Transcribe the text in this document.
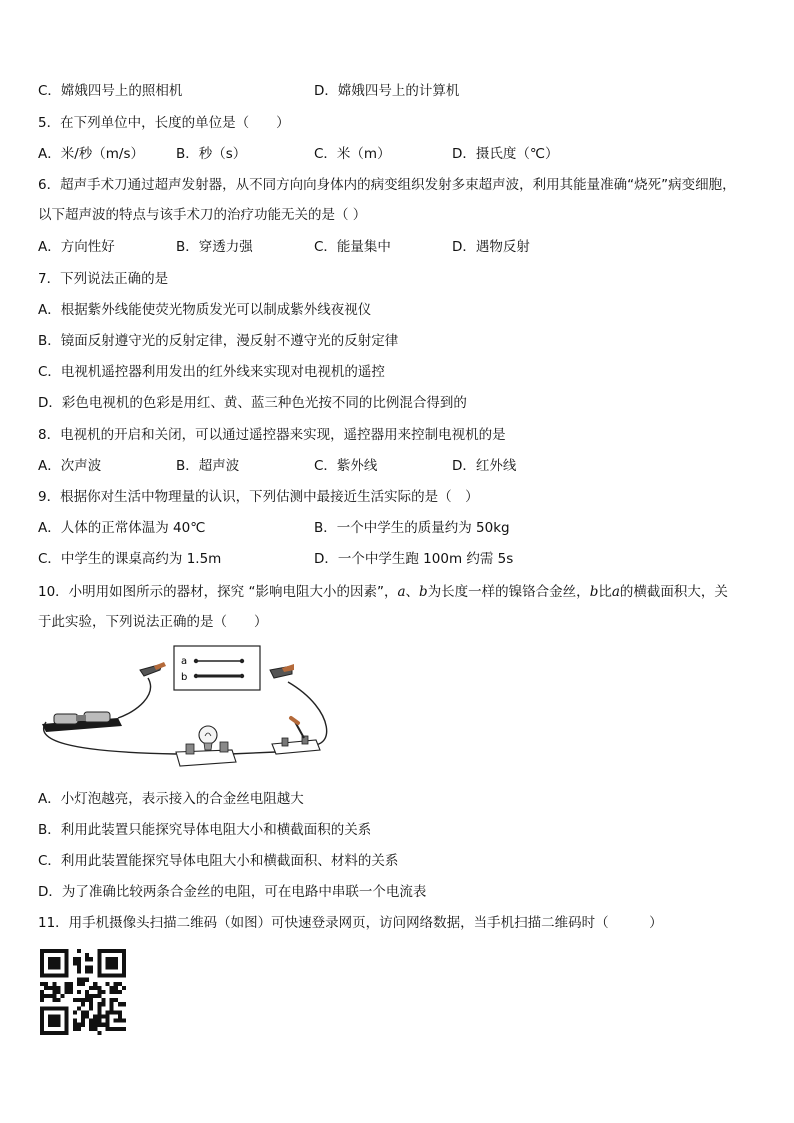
C．嫦娥四号上的照相机	D．嫦娥四号上的计算机
5．在下列单位中，长度的单位是（　　）
A．米/秒（m/s） B．秒（s）	C．米（m）	D．摄氏度（℃）
6．超声手术刀通过超声发射器，从不同方向向身体内的病变组织发射多束超声波，利用其能量准确“烧死”病变细胞，
以下超声波的特点与该手术刀的治疗功能无关的是（ ）
A．方向性好	B．穿透力强	C．能量集中	D．遇物反射
7．下列说法正确的是
A．根据紫外线能使荧光物质发光可以制成紫外线夜视仪
B．镜面反射遵守光的反射定律，漫反射不遵守光的反射定律
C．电视机遥控器利用发出的红外线来实现对电视机的遥控
D．彩色电视机的色彩是用红、黄、蓝三种色光按不同的比例混合得到的
8．电视机的开启和关闭，可以通过遥控器来实现，遥控器用来控制电视机的是
A．次声波	B．超声波	C．紫外线	D．红外线
9．根据你对生活中物理量的认识，下列估测中最接近生活实际的是（　）
A．人体的正常体温为 40℃	B．一个中学生的质量约为 50kg
C．中学生的课桌高约为 1.5m	D．一个中学生跑 100m 约需 5s
10．小明用如图所示的器材，探究 “影响电阻大小的因素”，a、b为长度一样的镍铬合金丝，b比a的横截面积大，关
于此实验，下列说法正确的是（　　）
a
b
A．小灯泡越亮，表示接入的合金丝电阻越大
B．利用此装置只能探究导体电阻大小和横截面积的关系
C．利用此装置能探究导体电阻大小和横截面积、材料的关系
D．为了准确比较两条合金丝的电阻，可在电路中串联一个电流表
11．用手机摄像头扫描二维码（如图）可快速登录网页，访问网络数据，当手机扫描二维码时（　　　）
